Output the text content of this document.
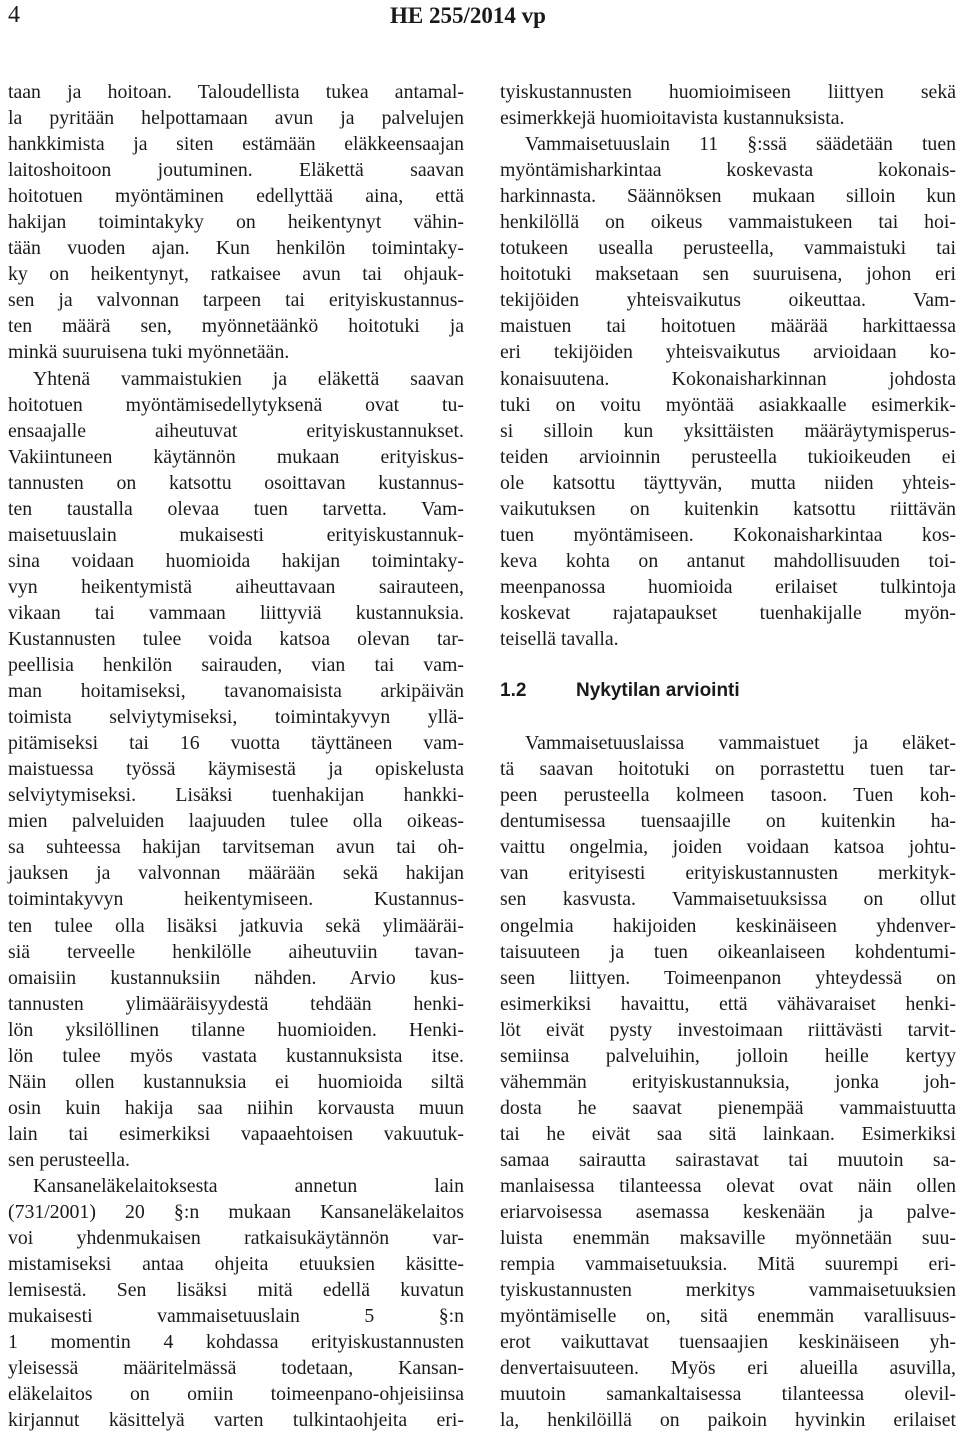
4	HE 255/2014 vp
taan ja hoitoan. Taloudellista tukea antamal-
la pyritään helpottamaan avun ja palvelujen
hankkimista ja siten estämään eläkkeensaajan
laitoshoitoon joutuminen. Eläkettä saavan
hoitotuen myöntäminen edellyttää aina, että
hakijan toimintakyky on heikentynyt vähin-
tään vuoden ajan. Kun henkilön toimintaky-
ky on heikentynyt, ratkaisee avun tai ohjauk-
sen ja valvonnan tarpeen tai erityiskustannus-
ten määrä sen, myönnetäänkö hoitotuki ja
minkä suuruisena tuki myönnetään.
Yhtenä vammaistukien ja eläkettä saavan
hoitotuen myöntämisedellytyksenä ovat tu-
ensaajalle aiheutuvat erityiskustannukset.
Vakiintuneen käytännön mukaan erityiskus-
tannusten on katsottu osoittavan kustannus-
ten taustalla olevaa tuen tarvetta. Vam-
maisetuuslain mukaisesti erityiskustannuk-
sina voidaan huomioida hakijan toimintaky-
vyn heikentymistä aiheuttavaan sairauteen,
vikaan tai vammaan liittyviä kustannuksia.
Kustannusten tulee voida katsoa olevan tar-
peellisia henkilön sairauden, vian tai vam-
man hoitamiseksi, tavanomaisista arkipäivän
toimista selviytymiseksi, toimintakyvyn yllä-
pitämiseksi tai 16 vuotta täyttäneen vam-
maistuessa työssä käymisestä ja opiskelusta
selviytymiseksi. Lisäksi tuenhakijan hankki-
mien palveluiden laajuuden tulee olla oikeas-
sa suhteessa hakijan tarvitseman avun tai oh-
jauksen ja valvonnan määrään sekä hakijan
toimintakyvyn heikentymiseen. Kustannus-
ten tulee olla lisäksi jatkuvia sekä ylimääräi-
siä terveelle henkilölle aiheutuviin tavan-
omaisiin kustannuksiin nähden. Arvio kus-
tannusten ylimääräisyydestä tehdään henki-
lön yksilöllinen tilanne huomioiden. Henki-
lön tulee myös vastata kustannuksista itse.
Näin ollen kustannuksia ei huomioida siltä
osin kuin hakija saa niihin korvausta muun
lain tai esimerkiksi vapaaehtoisen vakuutuk-
sen perusteella.
Kansaneläkelaitoksesta annetun lain
(731/2001) 20 §:n mukaan Kansaneläkelaitos
voi yhdenmukaisen ratkaisukäytännön var-
mistamiseksi antaa ohjeita etuuksien käsitte-
lemisestä. Sen lisäksi mitä edellä kuvatun
mukaisesti vammaisetuuslain 5 §:n
1 momentin 4 kohdassa erityiskustannusten
yleisessä määritelmässä todetaan, Kansan-
eläkelaitos on omiin toimeenpano-ohjeisiinsa
kirjannut käsittelyä varten tulkintaohjeita eri-
tyiskustannusten huomioimiseen liittyen sekä
esimerkkejä huomioitavista kustannuksista.
Vammaisetuuslain 11 §:ssä säädetään tuen
myöntämisharkintaa koskevasta kokonais-
harkinnasta. Säännöksen mukaan silloin kun
henkilöllä on oikeus vammaistukeen tai hoi-
totukeen usealla perusteella, vammaistuki tai
hoitotuki maksetaan sen suuruisena, johon eri
tekijöiden yhteisvaikutus oikeuttaa. Vam-
maistuen tai hoitotuen määrää harkittaessa
eri tekijöiden yhteisvaikutus arvioidaan ko-
konaisuutena. Kokonaisharkinnan johdosta
tuki on voitu myöntää asiakkaalle esimerkik-
si silloin kun yksittäisten määräytymisperus-
teiden arvioinnin perusteella tukioikeuden ei
ole katsottu täyttyvän, mutta niiden yhteis-
vaikutuksen on kuitenkin katsottu riittävän
tuen myöntämiseen. Kokonaisharkintaa kos-
keva kohta on antanut mahdollisuuden toi-
meenpanossa huomioida erilaiset tulkintoja
koskevat rajatapaukset tuenhakijalle myön-
teisellä tavalla.
1.2	Nykytilan arviointi
Vammaisetuuslaissa vammaistuet ja eläket-
tä saavan hoitotuki on porrastettu tuen tar-
peen perusteella kolmeen tasoon. Tuen koh-
dentumisessa tuensaajille on kuitenkin ha-
vaittu ongelmia, joiden voidaan katsoa johtu-
van erityisesti erityiskustannusten merkityk-
sen kasvusta. Vammaisetuuksissa on ollut
ongelmia hakijoiden keskinäiseen yhdenver-
taisuuteen ja tuen oikeanlaiseen kohdentumi-
seen liittyen. Toimeenpanon yhteydessä on
esimerkiksi havaittu, että vähävaraiset henki-
löt eivät pysty investoimaan riittävästi tarvit-
semiinsa palveluihin, jolloin heille kertyy
vähemmän erityiskustannuksia, jonka joh-
dosta he saavat pienempää vammaistuutta
tai he eivät saa sitä lainkaan. Esimerkiksi
samaa sairautta sairastavat tai muutoin sa-
manlaisessa tilanteessa olevat ovat näin ollen
eriarvoisessa asemassa keskenään ja palve-
luista enemmän maksaville myönnetään suu-
rempia vammaisetuuksia. Mitä suurempi eri-
tyiskustannusten merkitys vammaisetuuksien
myöntämiselle on, sitä enemmän varallisuus-
erot vaikuttavat tuensaajien keskinäiseen yh-
denvertaisuuteen. Myös eri alueilla asuvilla,
muutoin samankaltaisessa tilanteessa olevil-
la, henkilöillä on paikoin hyvinkin erilaiset
